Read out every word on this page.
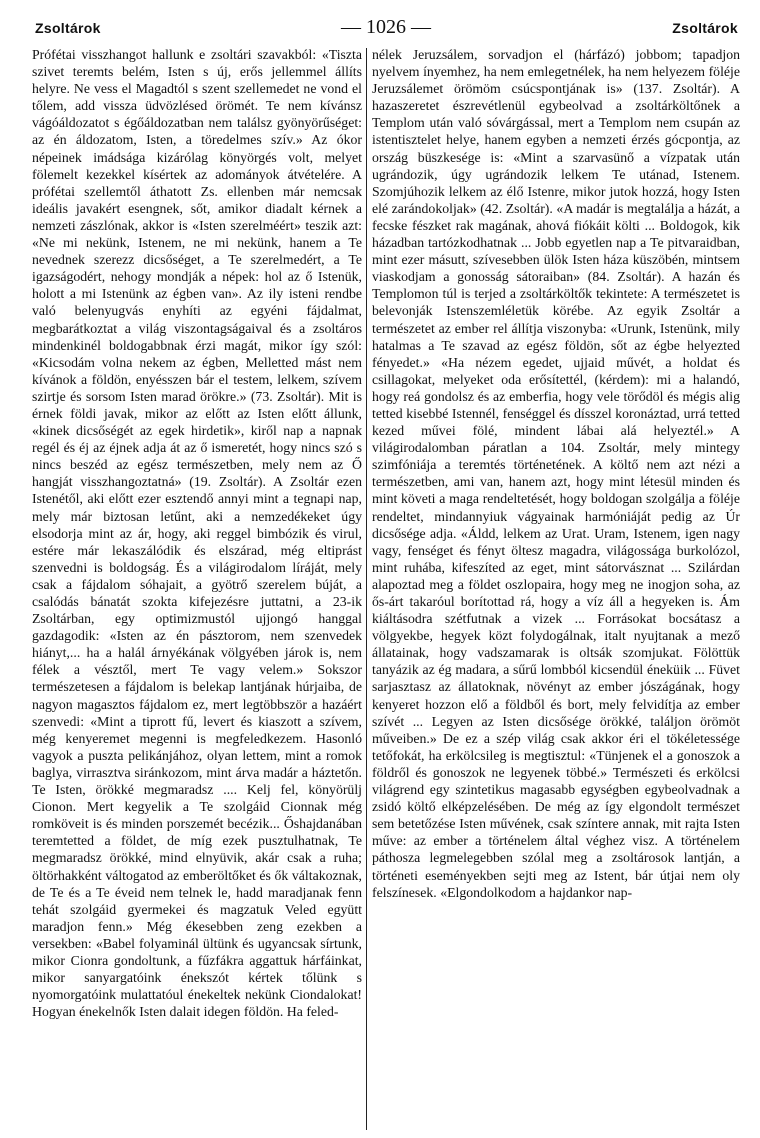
Zsoltárok	— 1026 —	Zsoltárok

Prófétai visszhangot hallunk e zsoltári szavakból: «Tiszta szivet teremts belém, Isten s új, erős jellemmel állíts helyre. Ne vess el Magadtól s szent szellemedet ne vond el tőlem, add vissza üdvözlésed örömét. Te nem kívánsz vágóáldozatot s égőáldozatban nem találsz gyönyörűséget: az én áldozatom, Isten, a töredelmes szív.» Az ókor népeinek imádsága kizárólag könyörgés volt, melyet fölemelt kezekkel kísértek az adományok átvételére. A prófétai szellemtől áthatott Zs. ellenben már nemcsak ideális javakért esengnek, sőt, amikor diadalt kérnek a nemzeti zászlónak, akkor is «Isten szerelméért» teszik azt: «Ne mi nekünk, Istenem, ne mi nekünk, hanem a Te nevednek szerezz dicsőséget, a Te szerelmedért, a Te igazságodért, nehogy mondják a népek: hol az ő Istenük, holott a mi Istenünk az égben van». Az ily isteni rendbe való belenyugvás enyhíti az egyéni fájdalmat, megbarátkoztat a világ viszontagságaival és a zsoltáros mindenkinél boldogabbnak érzi magát, mikor így szól: «Kicsodám volna nekem az égben, Melletted mást nem kívánok a földön, enyésszen bár el testem, lelkem, szívem szirtje és sorsom Isten marad örökre.» (73. Zsoltár). Mit is érnek földi javak, mikor az előtt az Isten előtt állunk, «kinek dicsőségét az egek hirdetik», kiről nap a napnak regél és éj az éjnek adja át az ő ismeretét, hogy nincs szó s nincs beszéd az egész természetben, mely nem az Ő hangját visszhangoztatná» (19. Zsoltár). A Zsoltár ezen Istenétől, aki előtt ezer esztendő annyi mint a tegnapi nap, mely már biztosan letűnt, aki a nemzedékeket úgy elsodorja mint az ár, hogy, aki reggel bimbózik és virul, estére már lekaszálódik és elszárad, még eltiprást szenvedni is boldogság. És a világirodalom líráját, mely csak a fájdalom sóhajait, a gyötrő szerelem búját, a csalódás bánatát szokta kifejezésre juttatni, a 23-ik Zsoltárban, egy optimizmustól ujjongó hanggal gazdagodik: «Isten az én pásztorom, nem szenvedek hiányt,... ha a halál árnyékának völgyében járok is, nem félek a vésztől, mert Te vagy velem.» Sokszor természetesen a fájdalom is belekap lantjának húrjaiba, de nagyon magasztos fájdalom ez, mert legtöbbször a hazáért szenvedi: «Mint a tiprott fű, levert és kiaszott a szívem, még kenyeremet megenni is megfeledkezem. Hasonló vagyok a puszta pelikánjához, olyan lettem, mint a romok baglya, virrasztva siránkozom, mint árva madár a háztetőn. Te Isten, örökké megmaradsz .... Kelj fel, könyörülj Cionon. Mert kegyelik a Te szolgáid Cionnak még romköveit is és minden porszemét becézik... Őshajdanában teremtetted a földet, de míg ezek pusztulhatnak, Te megmaradsz örökké, mind elnyüvik, akár csak a ruha; öltörhakként váltogatod az emberöltőket és ők váltakoznak, de Te és a Te éveid nem telnek le, hadd maradjanak fenn tehát szolgáid gyermekei és magzatuk Veled együtt maradjon fenn.» Még ékesebben zeng ezekben a versekben: «Babel folyaminál ültünk és ugyancsak sírtunk, mikor Cionra gondoltunk, a fűzfákra aggattuk hárfáinkat, mikor sanyargatóink énekszót kértek tőlünk s nyomorgatóink mulattatóul énekeltek nekünk Ciondalokat! Hogyan énekelnők Isten dalait idegen földön. Ha feled-

nélek Jeruzsálem, sorvadjon el (hárfázó) jobbom; tapadjon nyelvem ínyemhez, ha nem emlegetnélek, ha nem helyezem föléje Jeruzsálemet örömöm csúcspontjának is» (137. Zsoltár). A hazaszeretet észrevétlenül egybeolvad a zsoltárköltőnek a Templom után való sóvárgással, mert a Templom nem csupán az istentisztelet helye, hanem egyben a nemzeti érzés gócpontja, az ország büszkesége is: «Mint a szarvasünő a vízpatak után ugrándozik, úgy ugrándozik lelkem Te utánad, Istenem. Szomjúhozik lelkem az élő Istenre, mikor jutok hozzá, hogy Isten elé zarándokoljak» (42. Zsoltár). «A madár is megtalálja a házát, a fecske fészket rak magának, ahová fiókáit költi ... Boldogok, kik házadban tartózkodhatnak ... Jobb egyetlen nap a Te pitvaraidban, mint ezer másutt, szívesebben ülök Isten háza küszöbén, mintsem viaskodjam a gonosság sátoraiban» (84. Zsoltár). A hazán és Templomon túl is terjed a zsoltárköltők tekintete: A természetet is belevonják Istenszemléletük körébe. Az egyik Zsoltár a természetet az ember rel állítja viszonyba: «Urunk, Istenünk, mily hatalmas a Te szavad az egész földön, sőt az égbe helyezted fényedet.» «Ha nézem egedet, ujjaid művét, a holdat és csillagokat, melyeket oda erősítettél, (kérdem): mi a halandó, hogy reá gondolsz és az emberfia, hogy vele törődöl és mégis alig tetted kisebbé Istennél, fenséggel és dísszel koronáztad, urrá tetted kezed művei fölé, mindent lábai alá helyeztél.» A világirodalomban páratlan a 104. Zsoltár, mely mintegy szimfóniája a teremtés történetének. A költő nem azt nézi a természetben, ami van, hanem azt, hogy mint létesül minden és mint követi a maga rendeltetését, hogy boldogan szolgálja a föléje rendeltet, mindannyiuk vágyainak harmóniáját pedig az Úr dicsősége adja. «Áldd, lelkem az Urat. Uram, Istenem, igen nagy vagy, fenséget és fényt öltesz magadra, világossága burkolózol, mint ruhába, kifeszíted az eget, mint sátorvásznat ... Szilárdan alapoztad meg a földet oszlopaira, hogy meg ne inogjon soha, az ős-árt takaróul borítottad rá, hogy a víz áll a hegyeken is. Ám kiáltásodra szétfutnak a vizek ... Forrásokat bocsátasz a völgyekbe, hegyek közt folydogálnak, italt nyujtanak a mező állatainak, hogy vadszamarak is oltsák szomjukat. Fölöttük tanyázik az ég madara, a sűrű lombból kicsendül éneküik ... Füvet sarjasztasz az állatoknak, növényt az ember jószágának, hogy kenyeret hozzon elő a földből és bort, mely felvidítja az ember szívét ... Legyen az Isten dicsősége örökké, találjon örömöt műveiben.» De ez a szép világ csak akkor éri el tökéletessége tetőfokát, ha erkölcsileg is megtisztul: «Tünjenek el a gonoszok a földről és gonoszok ne legyenek többé.» Természeti és erkölcsi világrend egy szintetikus magasabb egységben egybeolvadnak a zsidó költő elképzelésében. De még az így elgondolt természet sem betetőzése Isten művének, csak színtere annak, mit rajta Isten műve: az ember a történelem által véghez visz. A történelem páthosza legmelegebben szólal meg a zsoltárosok lantján, a történeti eseményekben sejti meg az Istent, bár útjai nem oly felszínesek. «Elgondolkodom a hajdankor nap-
